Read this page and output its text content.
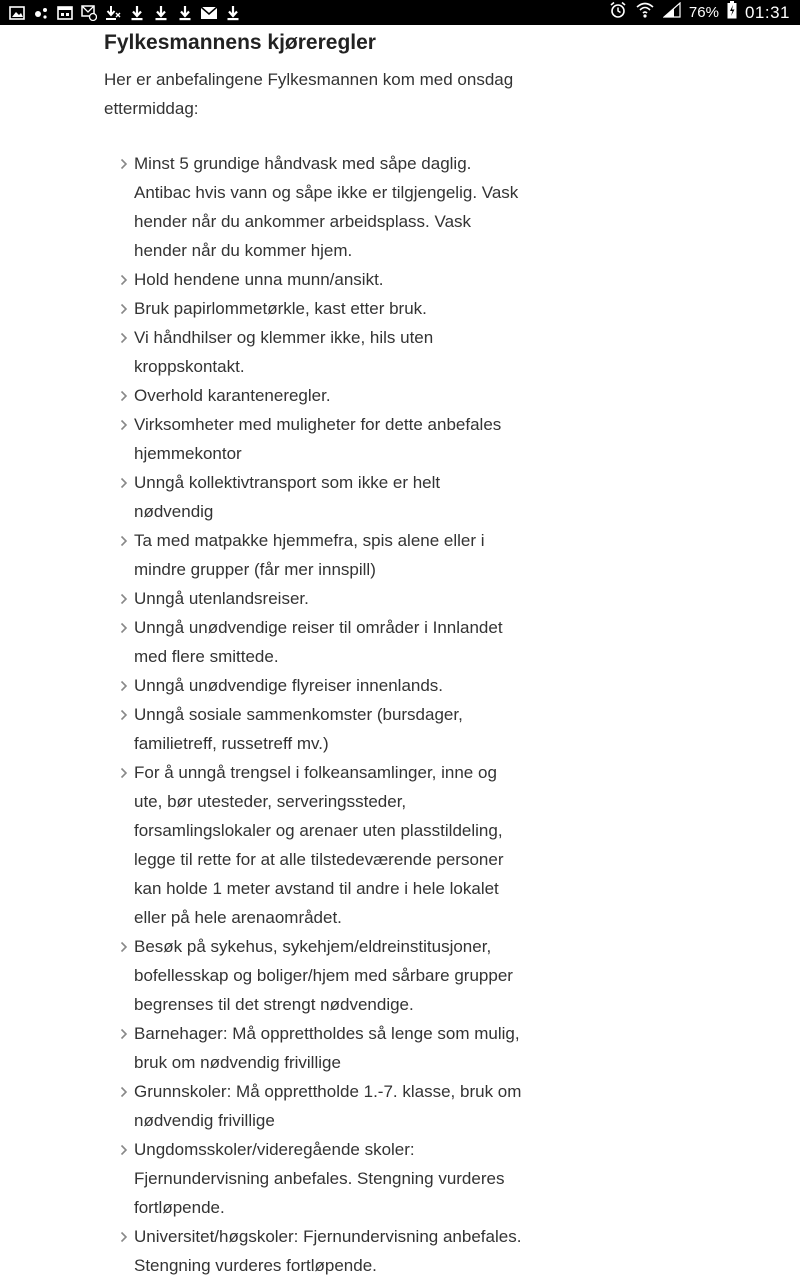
76% 01:31
Fylkesmannens kjøreregler

Her er anbefalingene Fylkesmannen kom med onsdag ettermiddag:

Minst 5 grundige håndvask med såpe daglig. Antibac hvis vann og såpe ikke er tilgjengelig. Vask hender når du ankommer arbeidsplass. Vask hender når du kommer hjem.
Hold hendene unna munn/ansikt.
Bruk papirlommetørkle, kast etter bruk.
Vi håndhilser og klemmer ikke, hils uten kroppskontakt.
Overhold karanteneregler.
Virksomheter med muligheter for dette anbefales hjemmekontor
Unngå kollektivtransport som ikke er helt nødvendig
Ta med matpakke hjemmefra, spis alene eller i mindre grupper (får mer innspill)
Unngå utenlandsreiser.
Unngå unødvendige reiser til områder i Innlandet med flere smittede.
Unngå unødvendige flyreiser innenlands.
Unngå sosiale sammenkomster (bursdager, familietreff, russetreff mv.)
For å unngå trengsel i folkeansamlinger, inne og ute, bør utesteder, serveringssteder, forsamlingslokaler og arenaer uten plasstildeling, legge til rette for at alle tilstedeværende personer kan holde 1 meter avstand til andre i hele lokalet eller på hele arenaområdet.
Besøk på sykehus, sykehjem/eldreinstitusjoner, bofellesskap og boliger/hjem med sårbare grupper begrenses til det strengt nødvendige.
Barnehager: Må opprettholdes så lenge som mulig, bruk om nødvendig frivillige
Grunnskoler: Må opprettholde 1.-7. klasse, bruk om nødvendig frivillige
Ungdomsskoler/videregående skoler: Fjernundervisning anbefales. Stengning vurderes fortløpende.
Universitet/høgskoler: Fjernundervisning anbefales. Stengning vurderes fortløpende.
